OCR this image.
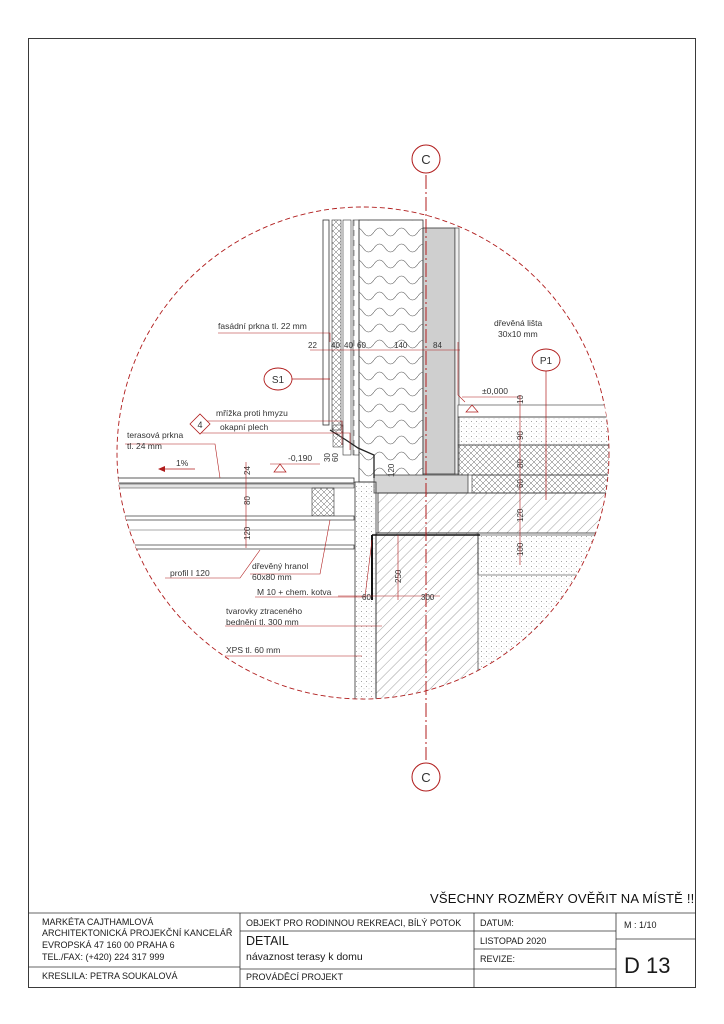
C
C
S1
P1
4
fasádní prkna tl. 22 mm	dřevěná lišta
30x10 mm
±0,000
mřížka proti hmyzu
okapní plech
terasová prkna
tl. 24 mm
1%	-0,190
dřevěný hranol
60x80 mm
profil I 120
M 10 + chem. kotva
tvarovky ztraceného
bednění tl. 300 mm
XPS tl. 60 mm
22 40 40 60	140	84
60	300
24
80
120
30 60
120
10
90
80
60
120
100
250
VŠECHNY ROZMĚRY OVĚŘIT NA MÍSTĚ !!
MARKÉTA CAJTHAMLOVÁ
ARCHITEKTONICKÁ PROJEKČNÍ KANCELÁŘ
EVROPSKÁ 47 160 00 PRAHA 6
TEL./FAX: (+420) 224 317 999
KRESLILA: PETRA SOUKALOVÁ
OBJEKT PRO RODINNOU REKREACI, BÍLÝ POTOK
DETAIL
návaznost terasy k domu
PROVÁDĚCÍ PROJEKT
DATUM:
LISTOPAD 2020
REVIZE:
M : 1/10
D 13
